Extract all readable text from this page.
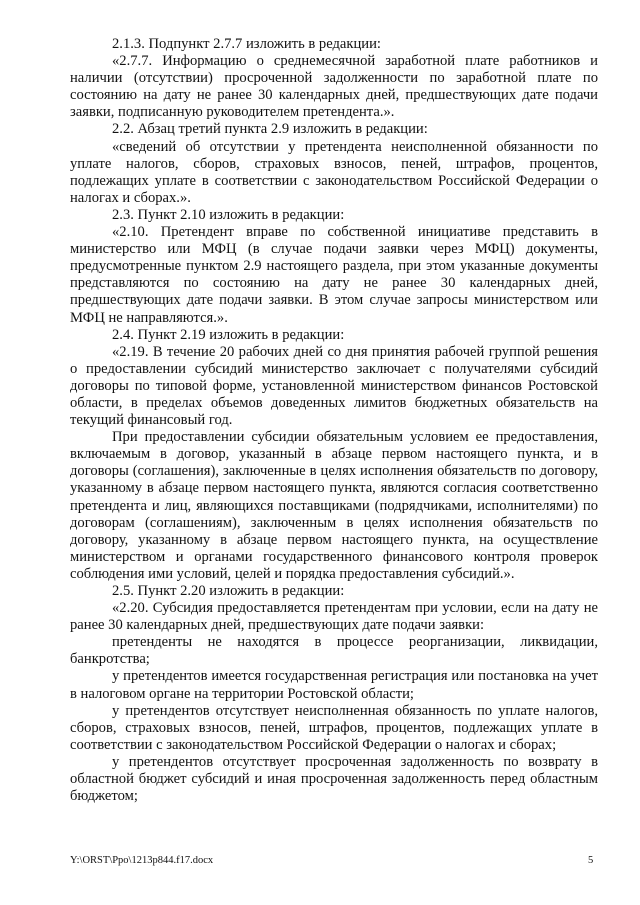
2.1.3. Подпункт 2.7.7 изложить в редакции:

«2.7.7. Информацию о среднемесячной заработной плате работников и наличии (отсутствии) просроченной задолженности по заработной плате по состоянию на дату не ранее 30 календарных дней, предшествующих дате подачи заявки, подписанную руководителем претендента.».

2.2. Абзац третий пункта 2.9 изложить в редакции:

«сведений об отсутствии у претендента неисполненной обязанности по уплате налогов, сборов, страховых взносов, пеней, штрафов, процентов, подлежащих уплате в соответствии с законодательством Российской Федерации о налогах и сборах.».

2.3. Пункт 2.10 изложить в редакции:

«2.10. Претендент вправе по собственной инициативе представить в министерство или МФЦ (в случае подачи заявки через МФЦ) документы, предусмотренные пунктом 2.9 настоящего раздела, при этом указанные документы представляются по состоянию на дату не ранее 30 календарных дней, предшествующих дате подачи заявки. В этом случае запросы министерством или МФЦ не направляются.».

2.4. Пункт 2.19 изложить в редакции:

«2.19. В течение 20 рабочих дней со дня принятия рабочей группой решения о предоставлении субсидий министерство заключает с получателями субсидий договоры по типовой форме, установленной министерством финансов Ростовской области, в пределах объемов доведенных лимитов бюджетных обязательств на текущий финансовый год.

При предоставлении субсидии обязательным условием ее предоставления, включаемым в договор, указанный в абзаце первом настоящего пункта, и в договоры (соглашения), заключенные в целях исполнения обязательств по договору, указанному в абзаце первом настоящего пункта, являются согласия соответственно претендента и лиц, являющихся поставщиками (подрядчиками, исполнителями) по договорам (соглашениям), заключенным в целях исполнения обязательств по договору, указанному в абзаце первом настоящего пункта, на осуществление министерством и органами государственного финансового контроля проверок соблюдения ими условий, целей и порядка предоставления субсидий.».

2.5. Пункт 2.20 изложить в редакции:

«2.20. Субсидия предоставляется претендентам при условии, если на дату не ранее 30 календарных дней, предшествующих дате подачи заявки:

претенденты не находятся в процессе реорганизации, ликвидации, банкротства;

у претендентов имеется государственная регистрация или постановка на учет в налоговом органе на территории Ростовской области;

у претендентов отсутствует неисполненная обязанность по уплате налогов, сборов, страховых взносов, пеней, штрафов, процентов, подлежащих уплате в соответствии с законодательством Российской Федерации о налогах и сборах;

у претендентов отсутствует просроченная задолженность по возврату в областной бюджет субсидий и иная просроченная задолженность перед областным бюджетом;

Y:\ORST\Ppo\1213p844.f17.docx	5
